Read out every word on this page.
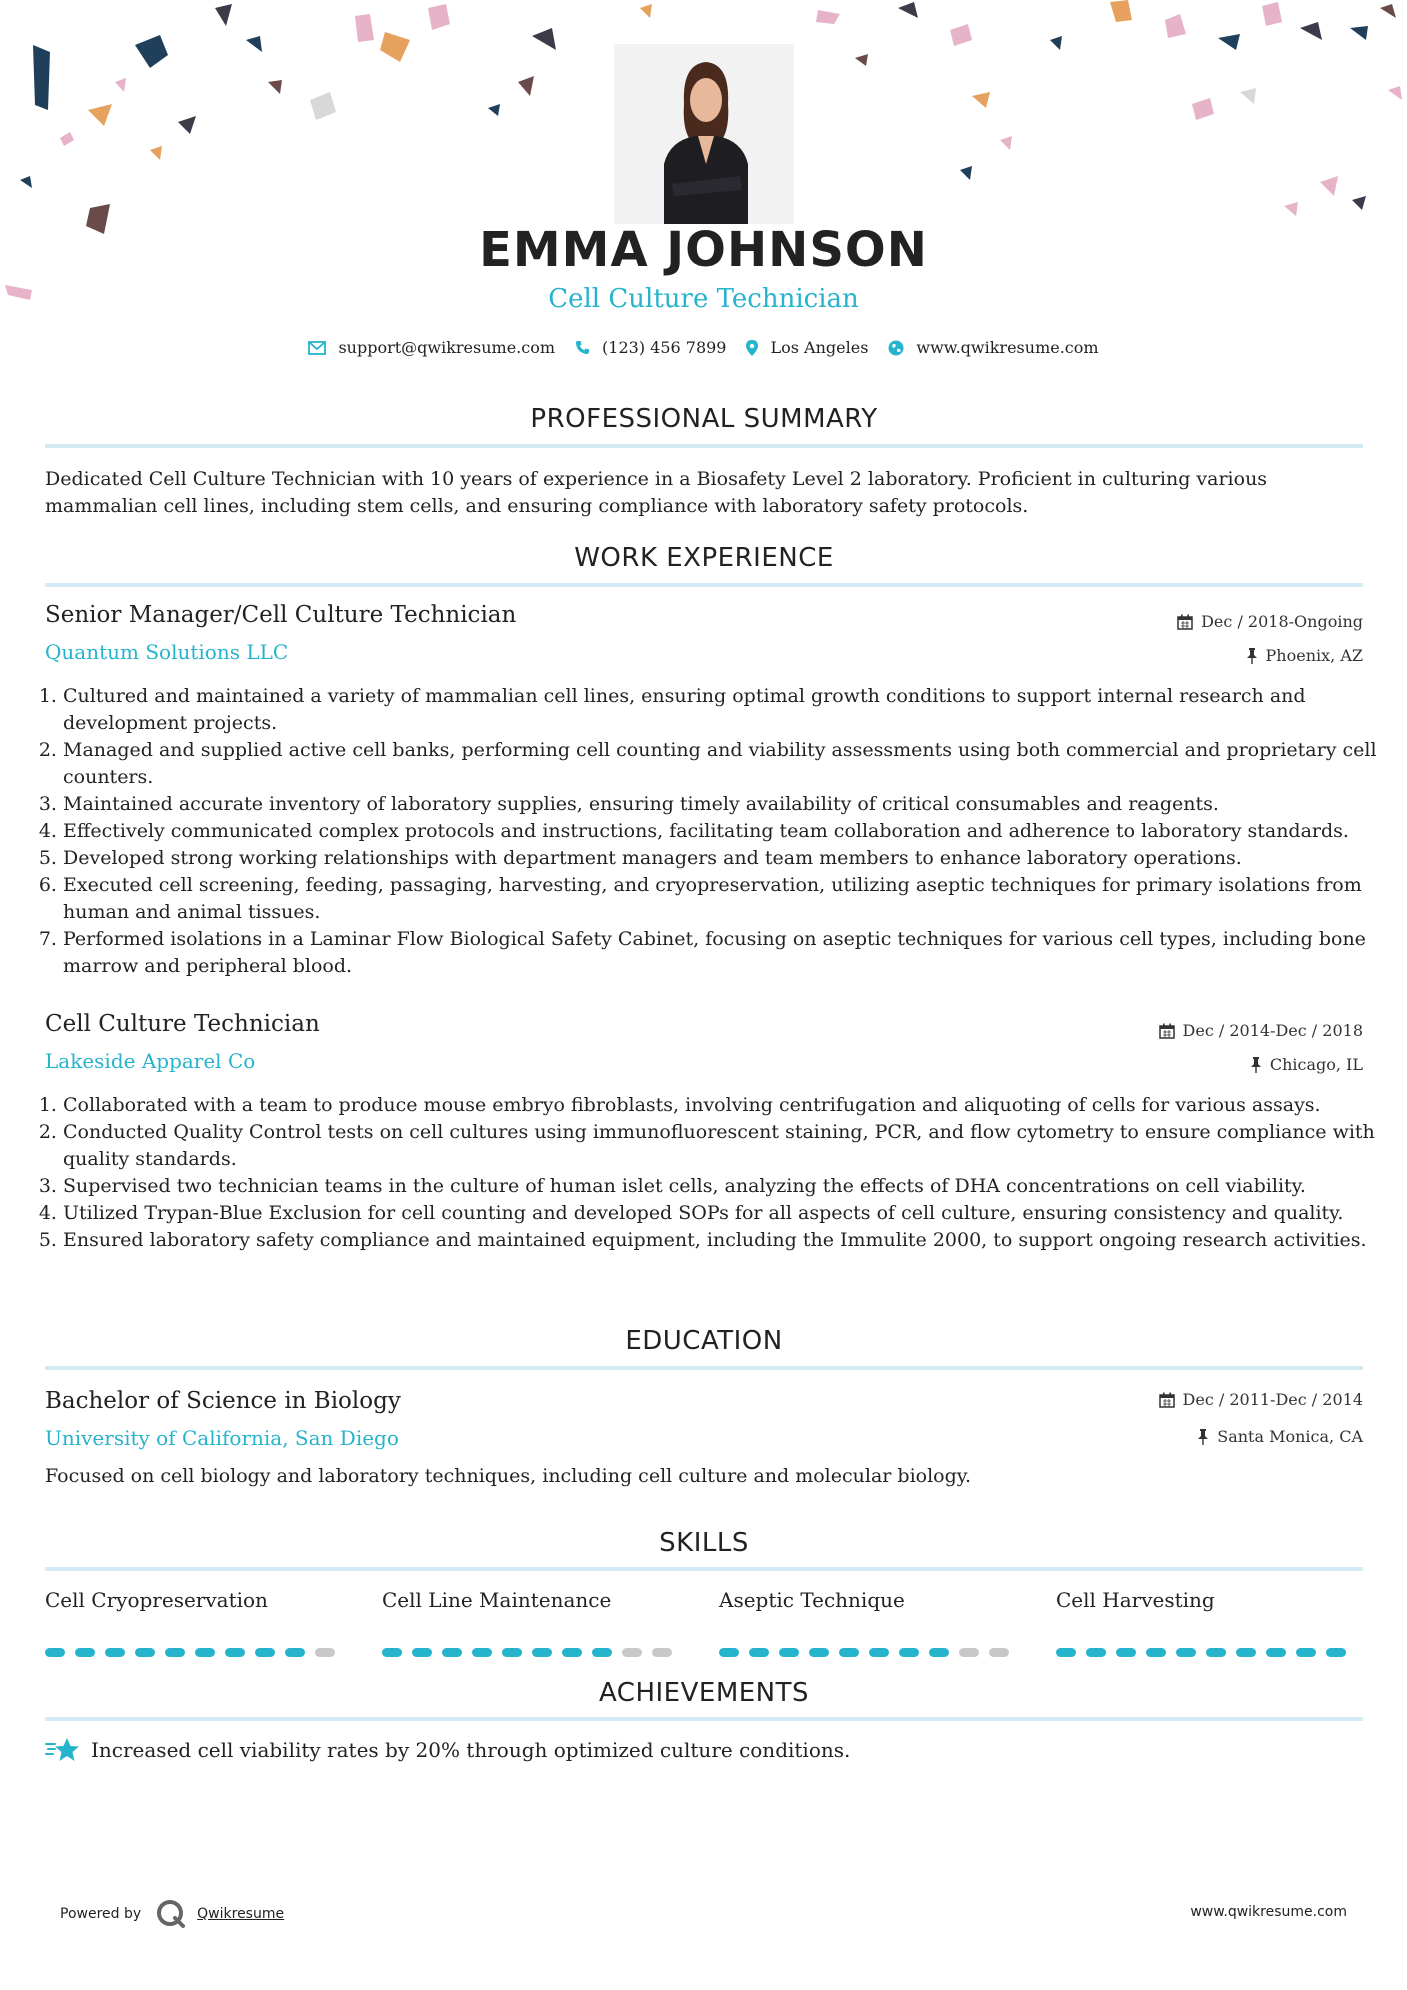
EMMA JOHNSON
Cell Culture Technician
support@qwikresume.com	(123) 456 7899	Los Angeles	www.qwikresume.com
PROFESSIONAL SUMMARY
Dedicated Cell Culture Technician with 10 years of experience in a Biosafety Level 2 laboratory. Proficient in culturing various mammalian cell lines, including stem cells, and ensuring compliance with laboratory safety protocols.
WORK EXPERIENCE
Senior Manager/Cell Culture Technician	Dec / 2018-Ongoing
Quantum Solutions LLC	Phoenix, AZ
1. Cultured and maintained a variety of mammalian cell lines, ensuring optimal growth conditions to support internal research and development projects.
2. Managed and supplied active cell banks, performing cell counting and viability assessments using both commercial and proprietary cell counters.
3. Maintained accurate inventory of laboratory supplies, ensuring timely availability of critical consumables and reagents.
4. Effectively communicated complex protocols and instructions, facilitating team collaboration and adherence to laboratory standards.
5. Developed strong working relationships with department managers and team members to enhance laboratory operations.
6. Executed cell screening, feeding, passaging, harvesting, and cryopreservation, utilizing aseptic techniques for primary isolations from human and animal tissues.
7. Performed isolations in a Laminar Flow Biological Safety Cabinet, focusing on aseptic techniques for various cell types, including bone marrow and peripheral blood.
Cell Culture Technician	Dec / 2014-Dec / 2018
Lakeside Apparel Co	Chicago, IL
1. Collaborated with a team to produce mouse embryo fibroblasts, involving centrifugation and aliquoting of cells for various assays.
2. Conducted Quality Control tests on cell cultures using immunofluorescent staining, PCR, and flow cytometry to ensure compliance with quality standards.
3. Supervised two technician teams in the culture of human islet cells, analyzing the effects of DHA concentrations on cell viability.
4. Utilized Trypan-Blue Exclusion for cell counting and developed SOPs for all aspects of cell culture, ensuring consistency and quality.
5. Ensured laboratory safety compliance and maintained equipment, including the Immulite 2000, to support ongoing research activities.
EDUCATION
Bachelor of Science in Biology	Dec / 2011-Dec / 2014
University of California, San Diego	Santa Monica, CA
Focused on cell biology and laboratory techniques, including cell culture and molecular biology.
SKILLS
Cell Cryopreservation	Cell Line Maintenance	Aseptic Technique	Cell Harvesting
ACHIEVEMENTS
Increased cell viability rates by 20% through optimized culture conditions.
Powered by	Qwikresume	www.qwikresume.com
